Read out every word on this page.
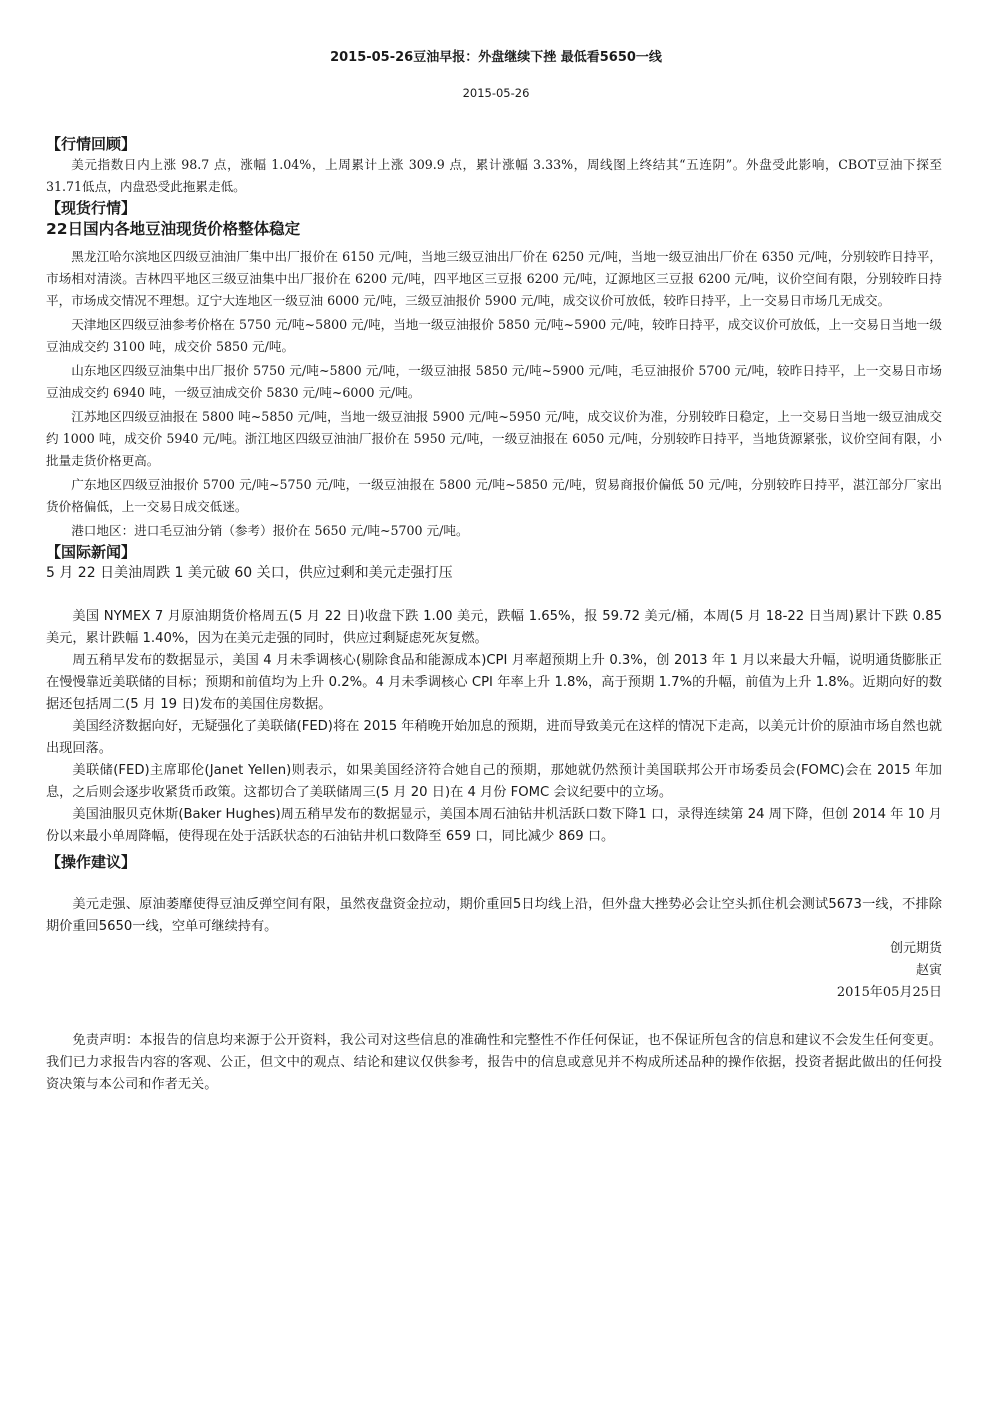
2015-05-26豆油早报：外盘继续下挫 最低看5650一线
2015-05-26
【行情回顾】

美元指数日内上涨 98.7 点，涨幅 1.04%，上周累计上涨 309.9 点，累计涨幅 3.33%，周线图上终结其“五连阴”。外盘受此影响，CBOT豆油下探至31.71低点，内盘恐受此拖累走低。

【现货行情】
22日国内各地豆油现货价格整体稳定

黑龙江哈尔滨地区四级豆油油厂集中出厂报价在 6150 元/吨，当地三级豆油出厂价在 6250 元/吨，当地一级豆油出厂价在 6350 元/吨，分别较昨日持平，市场相对清淡。吉林四平地区三级豆油集中出厂报价在 6200 元/吨，四平地区三豆报 6200 元/吨，辽源地区三豆报 6200 元/吨，议价空间有限，分别较昨日持平，市场成交情况不理想。辽宁大连地区一级豆油 6000 元/吨，三级豆油报价 5900 元/吨，成交议价可放低，较昨日持平，上一交易日市场几无成交。

天津地区四级豆油参考价格在 5750 元/吨~5800 元/吨，当地一级豆油报价 5850 元/吨~5900 元/吨，较昨日持平，成交议价可放低，上一交易日当地一级豆油成交约 3100 吨，成交价 5850 元/吨。

山东地区四级豆油集中出厂报价 5750 元/吨~5800 元/吨，一级豆油报 5850 元/吨~5900 元/吨，毛豆油报价 5700 元/吨，较昨日持平，上一交易日市场豆油成交约 6940 吨，一级豆油成交价 5830 元/吨~6000 元/吨。

江苏地区四级豆油报在 5800 吨~5850 元/吨，当地一级豆油报 5900 元/吨~5950 元/吨，成交议价为准，分别较昨日稳定，上一交易日当地一级豆油成交约 1000 吨，成交价 5940 元/吨。浙江地区四级豆油油厂报价在 5950 元/吨，一级豆油报在 6050 元/吨，分别较昨日持平，当地货源紧张，议价空间有限，小批量走货价格更高。

广东地区四级豆油报价 5700 元/吨~5750 元/吨，一级豆油报在 5800 元/吨~5850 元/吨，贸易商报价偏低 50 元/吨，分别较昨日持平，湛江部分厂家出货价格偏低，上一交易日成交低迷。

港口地区：进口毛豆油分销（参考）报价在 5650 元/吨~5700 元/吨。

【国际新闻】

5 月 22 日美油周跌 1 美元破 60 关口，供应过剩和美元走强打压

美国 NYMEX 7 月原油期货价格周五(5 月 22 日)收盘下跌 1.00 美元，跌幅 1.65%，报 59.72 美元/桶，本周(5 月 18-22 日当周)累计下跌 0.85 美元，累计跌幅 1.40%，因为在美元走强的同时，供应过剩疑虑死灰复燃。

周五稍早发布的数据显示，美国 4 月未季调核心(剔除食品和能源成本)CPI 月率超预期上升 0.3%，创 2013 年 1 月以来最大升幅，说明通货膨胀正在慢慢靠近美联储的目标；预期和前值均为上升 0.2%。4 月未季调核心 CPI 年率上升 1.8%，高于预期 1.7%的升幅，前值为上升 1.8%。近期向好的数据还包括周二(5 月 19 日)发布的美国住房数据。

美国经济数据向好，无疑强化了美联储(FED)将在 2015 年稍晚开始加息的预期，进而导致美元在这样的情况下走高，以美元计价的原油市场自然也就出现回落。

美联储(FED)主席耶伦(Janet Yellen)则表示，如果美国经济符合她自己的预期，那她就仍然预计美国联邦公开市场委员会(FOMC)会在 2015 年加息，之后则会逐步收紧货币政策。这都切合了美联储周三(5 月 20 日)在 4 月份 FOMC 会议纪要中的立场。

美国油服贝克休斯(Baker Hughes)周五稍早发布的数据显示，美国本周石油钻井机活跃口数下降1 口，录得连续第 24 周下降，但创 2014 年 10 月份以来最小单周降幅，使得现在处于活跃状态的石油钻井机口数降至 659 口，同比减少 869 口。

【操作建议】

美元走强、原油萎靡使得豆油反弹空间有限，虽然夜盘资金拉动，期价重回5日均线上沿，但外盘大挫势必会让空头抓住机会测试5673一线，不排除期价重回5650一线，空单可继续持有。

创元期货
赵寅
2015年05月25日

免责声明：本报告的信息均来源于公开资料，我公司对这些信息的准确性和完整性不作任何保证，也不保证所包含的信息和建议不会发生任何变更。我们已力求报告内容的客观、公正，但文中的观点、结论和建议仅供参考，报告中的信息或意见并不构成所述品种的操作依据，投资者据此做出的任何投资决策与本公司和作者无关。
